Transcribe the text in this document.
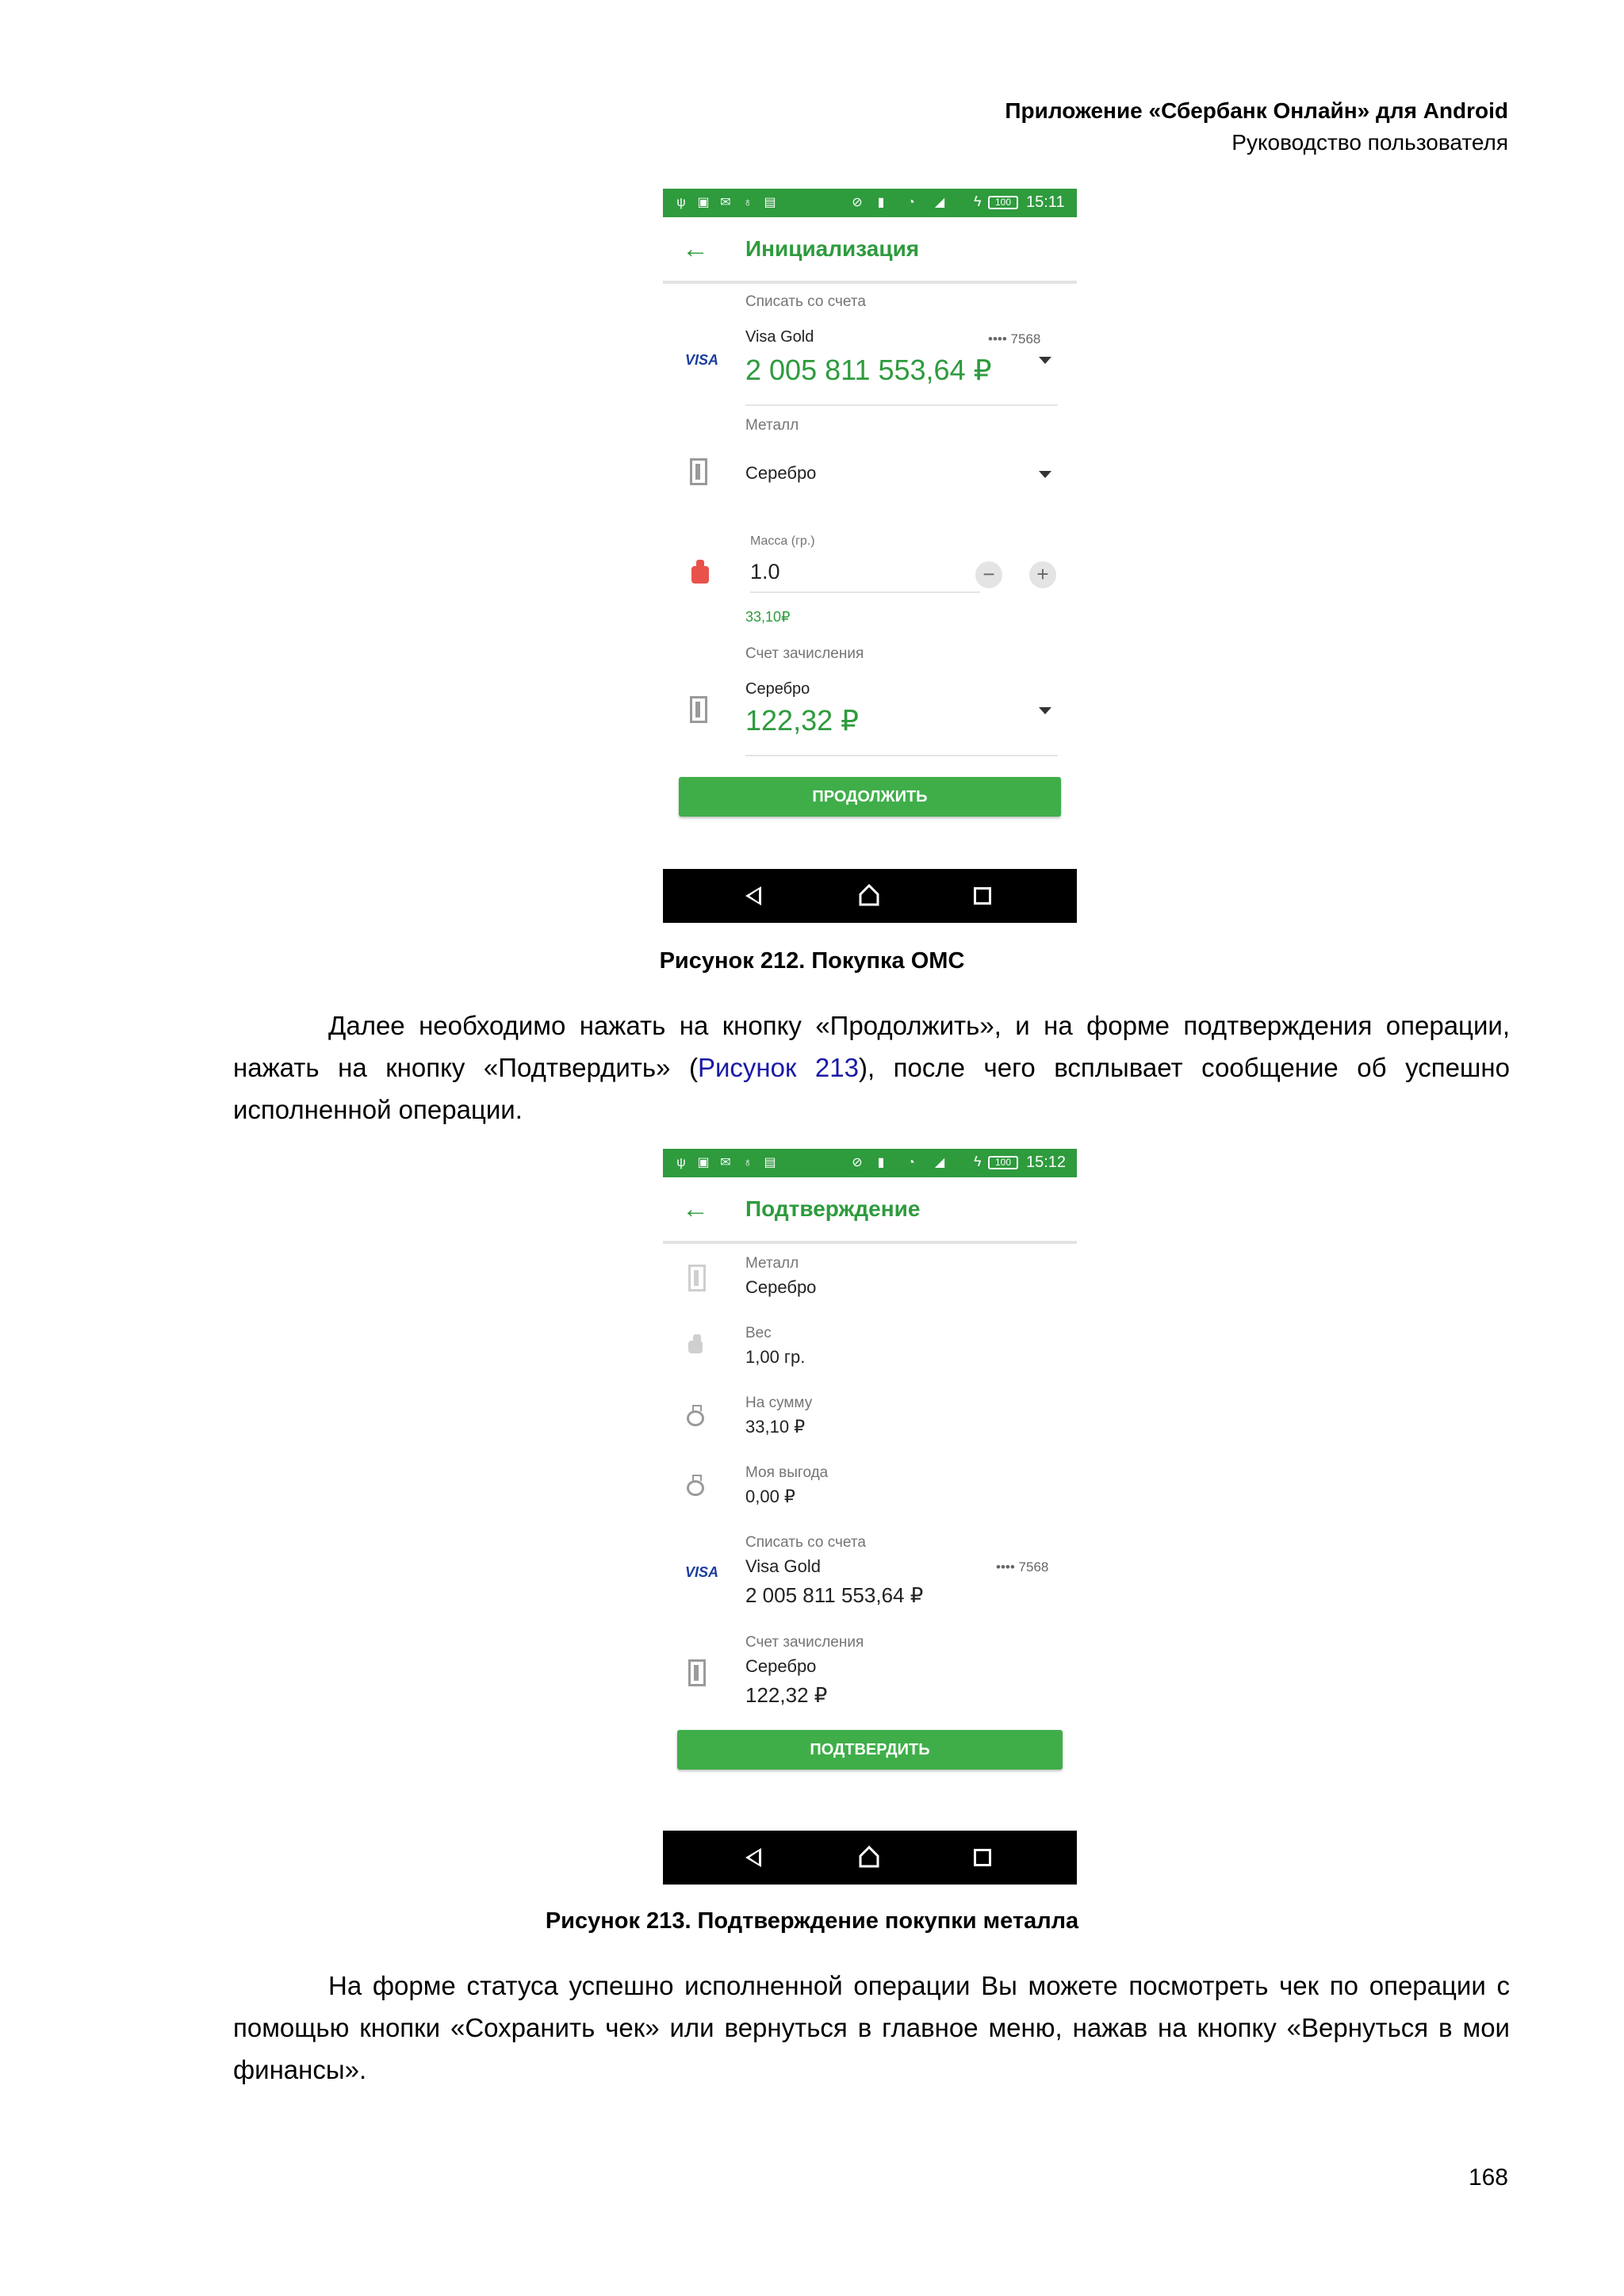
Приложение «Сбербанк Онлайн» для Android
Руководство пользователя
ψ ▣ ✉ ♁ ▤	⊘ ▮ ◔ ◢ ϟ	100 15:11
← Инициализация
Списать со счета
VISA
Visa Gold	•••• 7568
2 005 811 553,64 ₽
Металл
Серебро
Масса (гр.)
1.0	−	+
33,10₽
Счет зачисления
Серебро
122,32 ₽
ПРОДОЛЖИТЬ
Рисунок 212. Покупка ОМС
Далее необходимо нажать на кнопку «Продолжить», и на форме подтверждения операции, нажать на кнопку «Подтвердить» (Рисунок 213), после чего всплывает сообщение об успешно исполненной операции.
ψ ▣ ✉ ♁ ▤	⊘ ▮ ◔ ◢ ϟ	100 15:12
← Подтверждение
Металл
Серебро
Вес
1,00 гр.
На сумму
33,10 ₽
Моя выгода
0,00 ₽
Списать со счета
VISA Visa Gold	•••• 7568
2 005 811 553,64 ₽
Счет зачисления
Серебро
122,32 ₽
ПОДТВЕРДИТЬ
Рисунок 213. Подтверждение покупки металла
На форме статуса успешно исполненной операции Вы можете посмотреть чек по операции с помощью кнопки «Сохранить чек» или вернуться в главное меню, нажав на кнопку «Вернуться в мои финансы».
168
